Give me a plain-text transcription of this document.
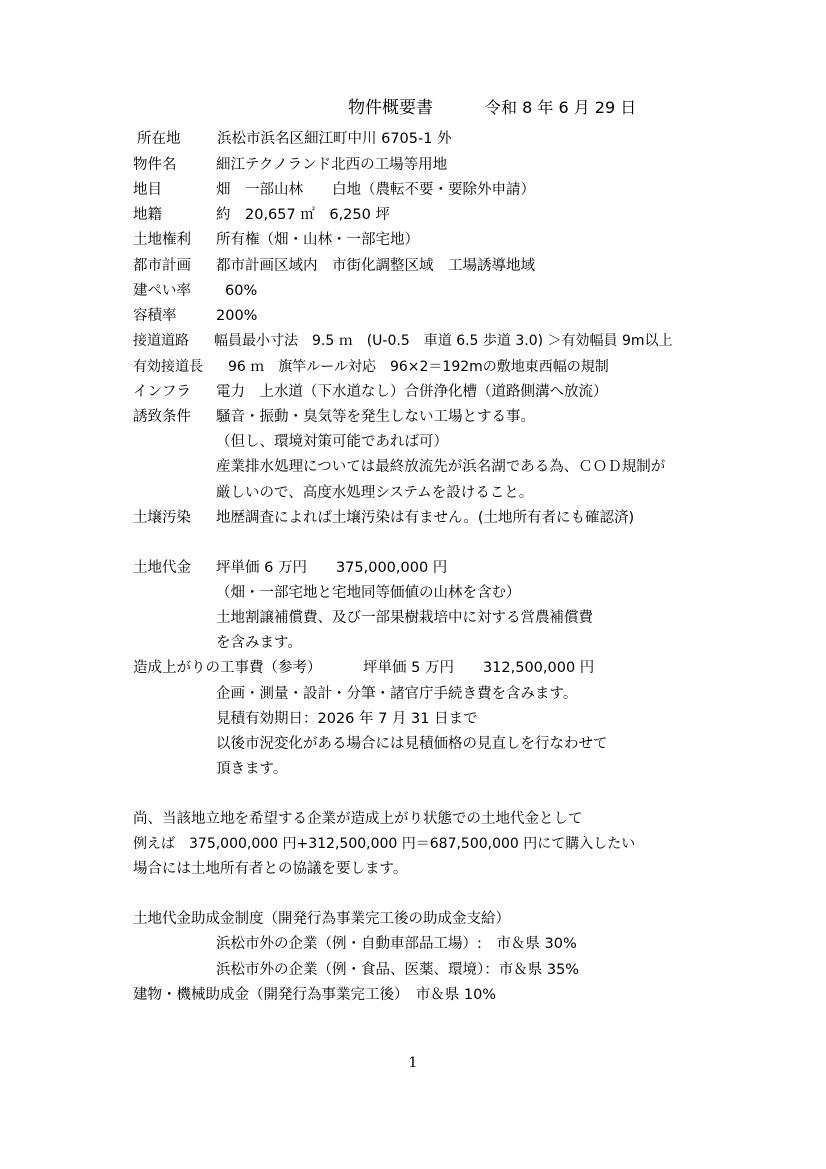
物件概要書	令和 8 年 6 月 29 日
所在地	浜松市浜名区細江町中川 6705-1 外
物件名	細江テクノランド北西の工場等用地
地目	畑　一部山林　　白地（農転不要・要除外申請）
地籍	約　20,657 ㎡　6,250 坪
土地権利 所有権（畑・山林・一部宅地）
都市計画 都市計画区域内　市街化調整区域　工場誘導地域
建ぺい率 60%
容積率	200%
接道道路 幅員最小寸法　9.5 ｍ　(U-0.5　車道 6.5 歩道 3.0) ＞有効幅員 9m以上
有効接道長 96 ｍ　旗竿ルール対応　96×2＝192mの敷地東西幅の規制
インフラ 電力　上水道（下水道なし）合併浄化槽（道路側溝へ放流）
誘致条件 騒音・振動・臭気等を発生しない工場とする事。
（但し、環境対策可能であれば可）
産業排水処理については最終放流先が浜名湖である為、ＣＯＤ規制が
厳しいので、高度水処理システムを設けること。
土壌汚染 地歴調査によれば土壌汚染は有ません。(土地所有者にも確認済)
土地代金 坪単価 6 万円　　375,000,000 円
（畑・一部宅地と宅地同等価値の山林を含む）
土地割譲補償費、及び一部果樹栽培中に対する営農補償費
を含みます。
造成上がりの工事費（参考）	坪単価 5 万円　　312,500,000 円
企画・測量・設計・分筆・諸官庁手続き費を含みます。
見積有効期日：2026 年 7 月 31 日まで
以後市況変化がある場合には見積価格の見直しを行なわせて
頂きます。
尚、当該地立地を希望する企業が造成上がり状態での土地代金として
例えば　375,000,000 円+312,500,000 円＝687,500,000 円にて購入したい
場合には土地所有者との協議を要します。
土地代金助成金制度（開発行為事業完工後の助成金支給）
浜松市外の企業（例・自動車部品工場）:　市＆県 30%
浜松市外の企業（例・食品、医薬、環境）：市＆県 35%
建物・機械助成金（開発行為事業完工後）　市＆県 10%
1
